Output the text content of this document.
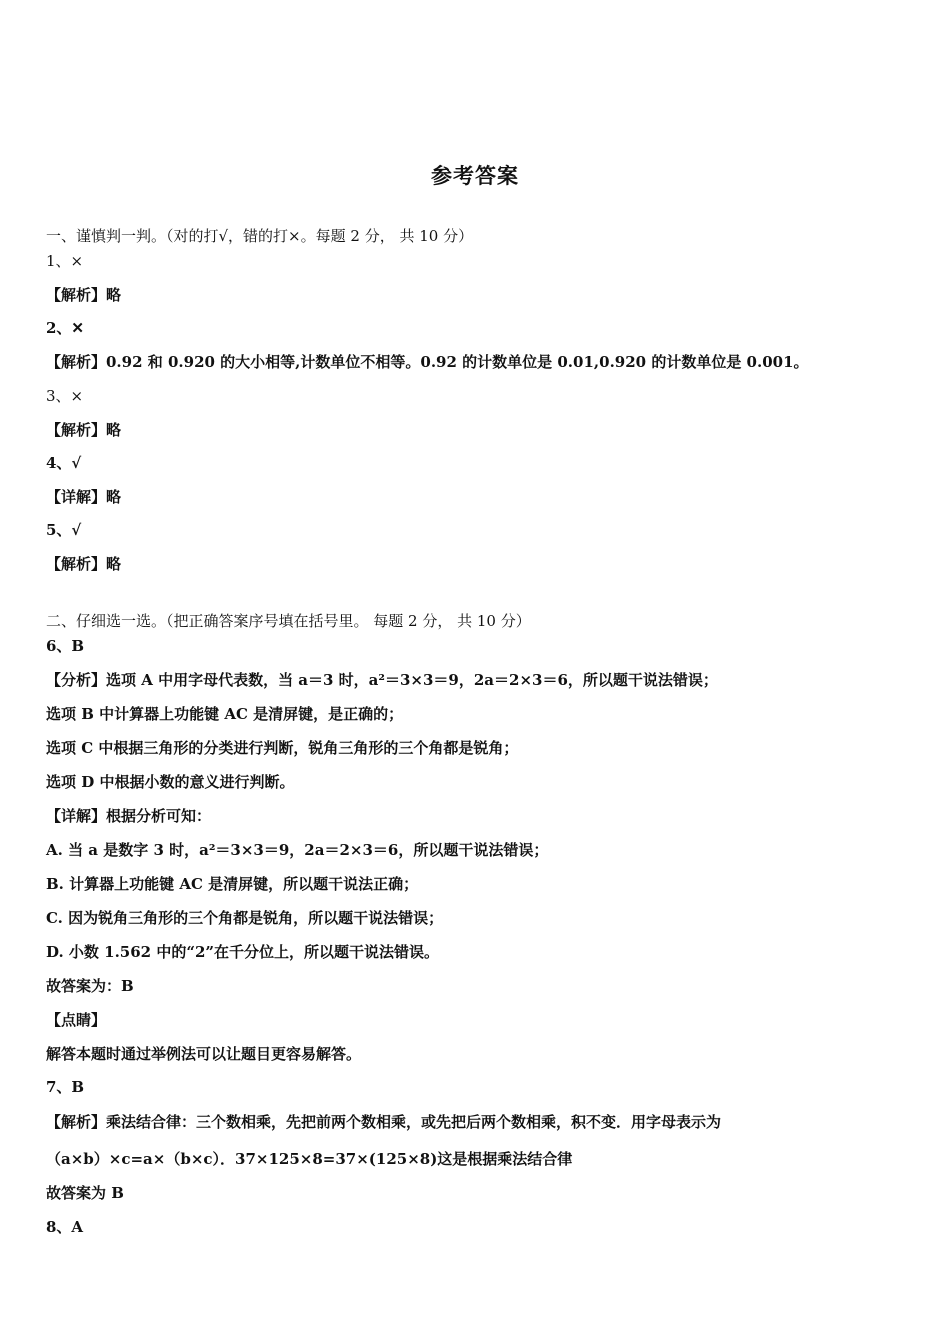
参考答案
一、谨慎判一判。（对的打√，错的打×。每题 2 分， 共 10 分）
1、×
【解析】略
2、✕
【解析】0.92 和 0.920 的大小相等,计数单位不相等。0.92 的计数单位是 0.01,0.920 的计数单位是 0.001。
3、×
【解析】略
4、√
【详解】略
5、√
【解析】略
二、仔细选一选。（把正确答案序号填在括号里。 每题 2 分， 共 10 分）
6、B
【分析】选项 A 中用字母代表数，当 a＝3 时，a²＝3×3＝9，2a＝2×3＝6，所以题干说法错误；
选项 B 中计算器上功能键 AC 是清屏键，是正确的；
选项 C 中根据三角形的分类进行判断，锐角三角形的三个角都是锐角；
选项 D 中根据小数的意义进行判断。
【详解】根据分析可知：
A. 当 a 是数字 3 时，a²＝3×3＝9，2a＝2×3＝6，所以题干说法错误；
B. 计算器上功能键 AC 是清屏键，所以题干说法正确；
C. 因为锐角三角形的三个角都是锐角，所以题干说法错误；
D. 小数 1.562 中的“2”在千分位上，所以题干说法错误。
故答案为：B
【点睛】
解答本题时通过举例法可以让题目更容易解答。
7、B
【解析】乘法结合律：三个数相乘，先把前两个数相乘，或先把后两个数相乘，积不变．用字母表示为
（a×b）×c=a×（b×c）．37×125×8=37×(125×8)这是根据乘法结合律
故答案为 B
8、A
